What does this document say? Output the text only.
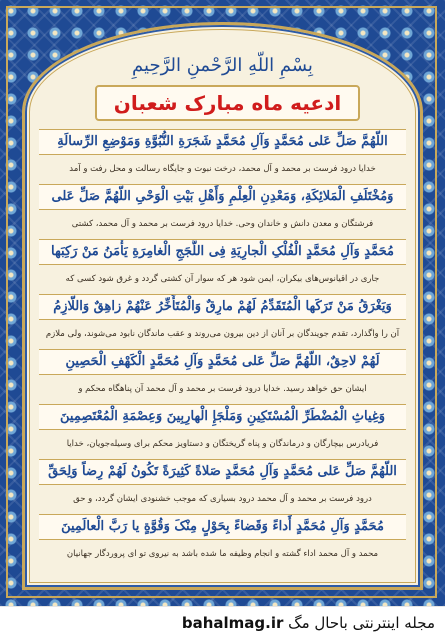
بِسْمِ اللّهِ الرَّحْمنِ الرَّحِیمِ
ادعیه ماه مبارک شعبان
اللّهُمَّ صَلِّ عَلی مُحَمَّدٍ وَآلِ مُحَمَّدٍ شَجَرَةِ النُّبُوَّةِ وَمَوْضِعِ الرِّسالَةِ
خدایا درود فرست بر محمد و آل محمد، درخت نبوت و جایگاه رسالت و محل رفت و آمد
وَمُخْتَلَفِ الْمَلائِکَةِ، وَمَعْدِنِ الْعِلْمِ وَأَهْلِ بَیْتِ الْوَحْیِ اللّهُمَّ صَلِّ عَلی
فرشتگان و معدن دانش و خاندان وحی. خدایا درود فرست بر محمد و آل محمد، کشتی
مُحَمَّدٍ وَآلِ مُحَمَّدٍ الْفُلْکِ الْجارِیَةِ فِی اللُّجَجِ الْغامِرَةِ یَأْمَنُ مَنْ رَکِبَها
جاری در اقیانوس‌های بیکران، ایمن شود هر که سوار آن کشتی گردد و غرق شود کسی که
وَیَغْرَقُ مَنْ تَرَکَها الْمُتَقَدِّمُ لَهُمْ مارِقٌ وَالْمُتَأَخِّرُ عَنْهُمْ زاهِقٌ وَاللّازِمُ
آن را واگذارد، تقدم جویندگان بر آنان از دین بیرون می‌روند و عقب ماندگان نابود می‌شوند، ولی ملازم
لَهُمْ لاحِقٌ، اللّهُمَّ صَلِّ عَلی مُحَمَّدٍ وَآلِ مُحَمَّدٍ الْکَهْفِ الْحَصِینِ
ایشان حق خواهد رسید. خدایا درود فرست بر محمد و آل محمد آن پناهگاه محکم و
وَغِیاثِ الْمُضْطَرِّ الْمُسْتَکِینِ وَمَلْجَإِ الْهارِبِینَ وَعِصْمَةِ الْمُعْتَصِمِینَ
فریادرس بیچارگان و درماندگان و پناه گریختگان و دستاویز محکم برای وسیله‌جویان، خدایا
اللّهُمَّ صَلِّ عَلی مُحَمَّدٍ وَآلِ مُحَمَّدٍ صَلاةً کَثِیرَةً تَکُونُ لَهُمْ رِضاً وَلِحَقِّ
درود فرست بر محمد و آل محمد درود بسیاری که موجب خشنودی ایشان گردد، و حق
مُحَمَّدٍ وَآلِ مُحَمَّدٍ أَداءً وَقَضاءً بِحَوْلٍ مِنْکَ وَقُوَّةٍ یا رَبَّ الْعالَمِینَ
محمد و آل محمد اداء گشته و انجام وظیفه ما شده باشد به نیروی تو ای پروردگار جهانیان
bahalmag.ir مجله اینترنتی باحال مگ
